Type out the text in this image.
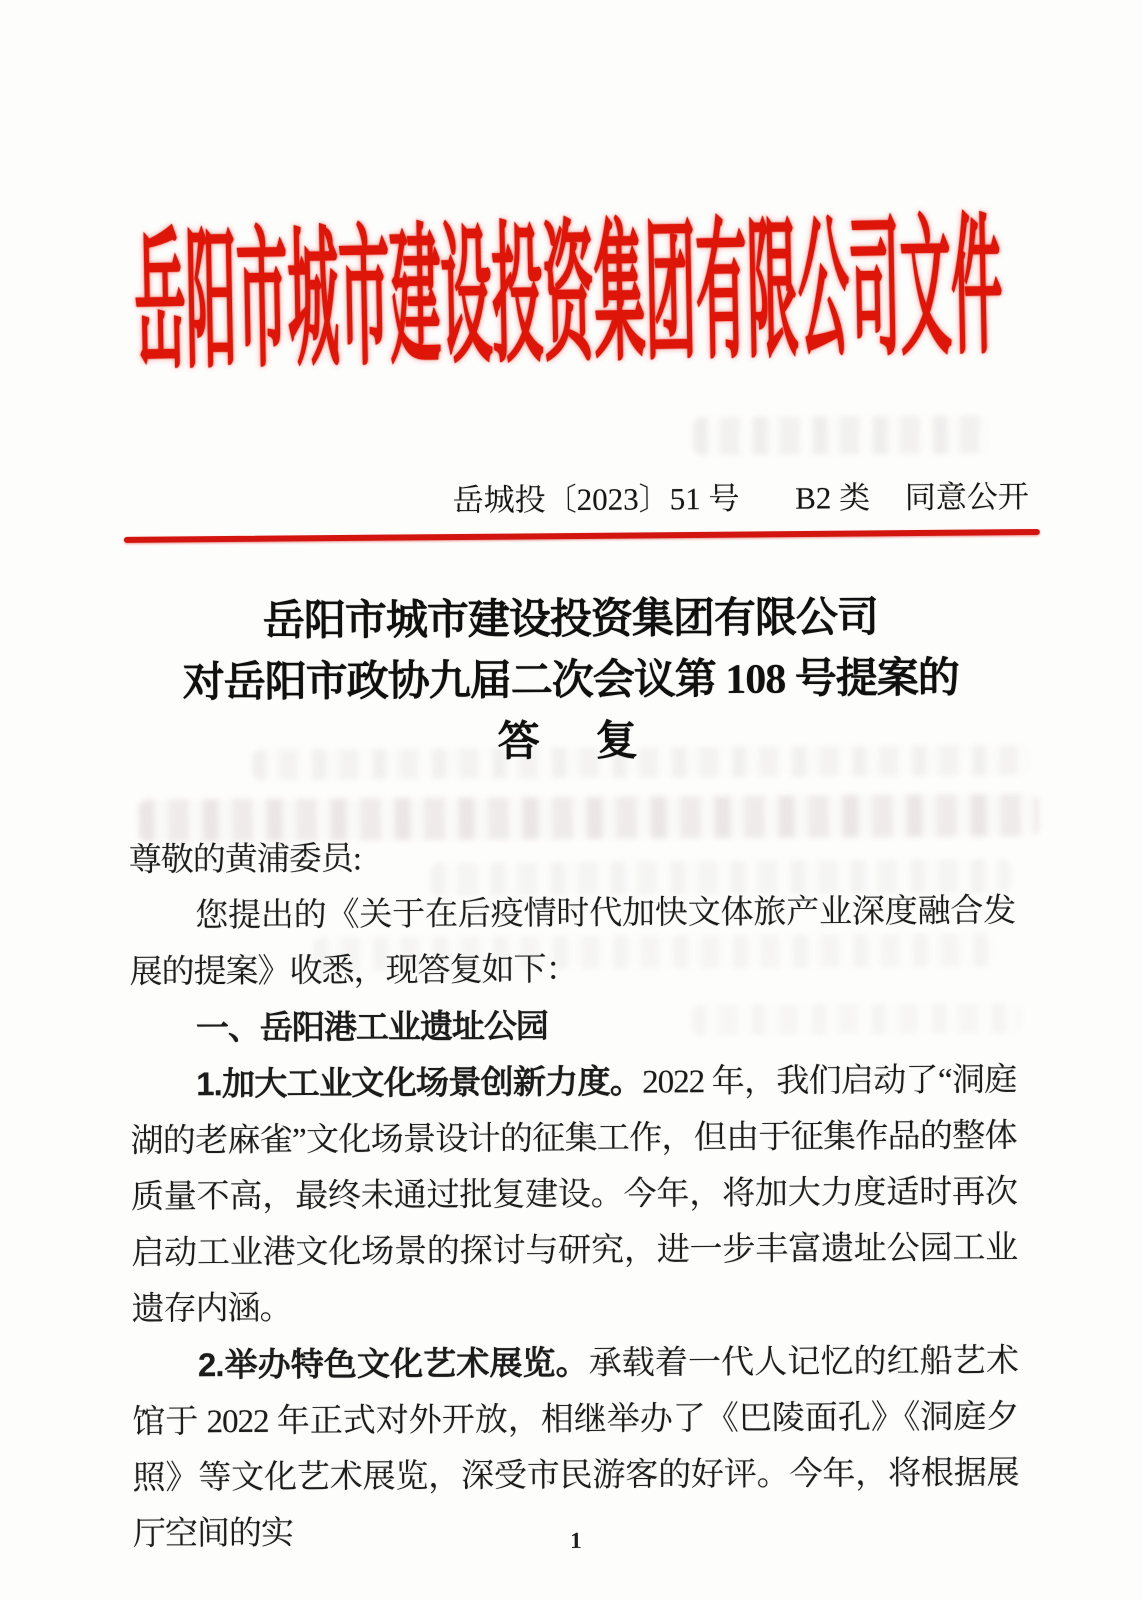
岳阳市城市建设投资集团有限公司文件
岳城投〔2023〕51 号 B2 类 同意公开
岳阳市城市建设投资集团有限公司
对岳阳市政协九届二次会议第 108 号提案的
答　复

尊敬的黄浦委员:

您提出的《关于在后疫情时代加快文体旅产业深度融合发展的提案》收悉，现答复如下：

一、岳阳港工业遗址公园

1.加大工业文化场景创新力度。2022 年，我们启动了“洞庭湖的老麻雀”文化场景设计的征集工作，但由于征集作品的整体质量不高，最终未通过批复建设。今年，将加大力度适时再次启动工业港文化场景的探讨与研究，进一步丰富遗址公园工业遗存内涵。

2.举办特色文化艺术展览。承载着一代人记忆的红船艺术馆于 2022 年正式对外开放，相继举办了《巴陵面孔》《洞庭夕照》等文化艺术展览，深受市民游客的好评。今年，将根据展厅空间的实	1
